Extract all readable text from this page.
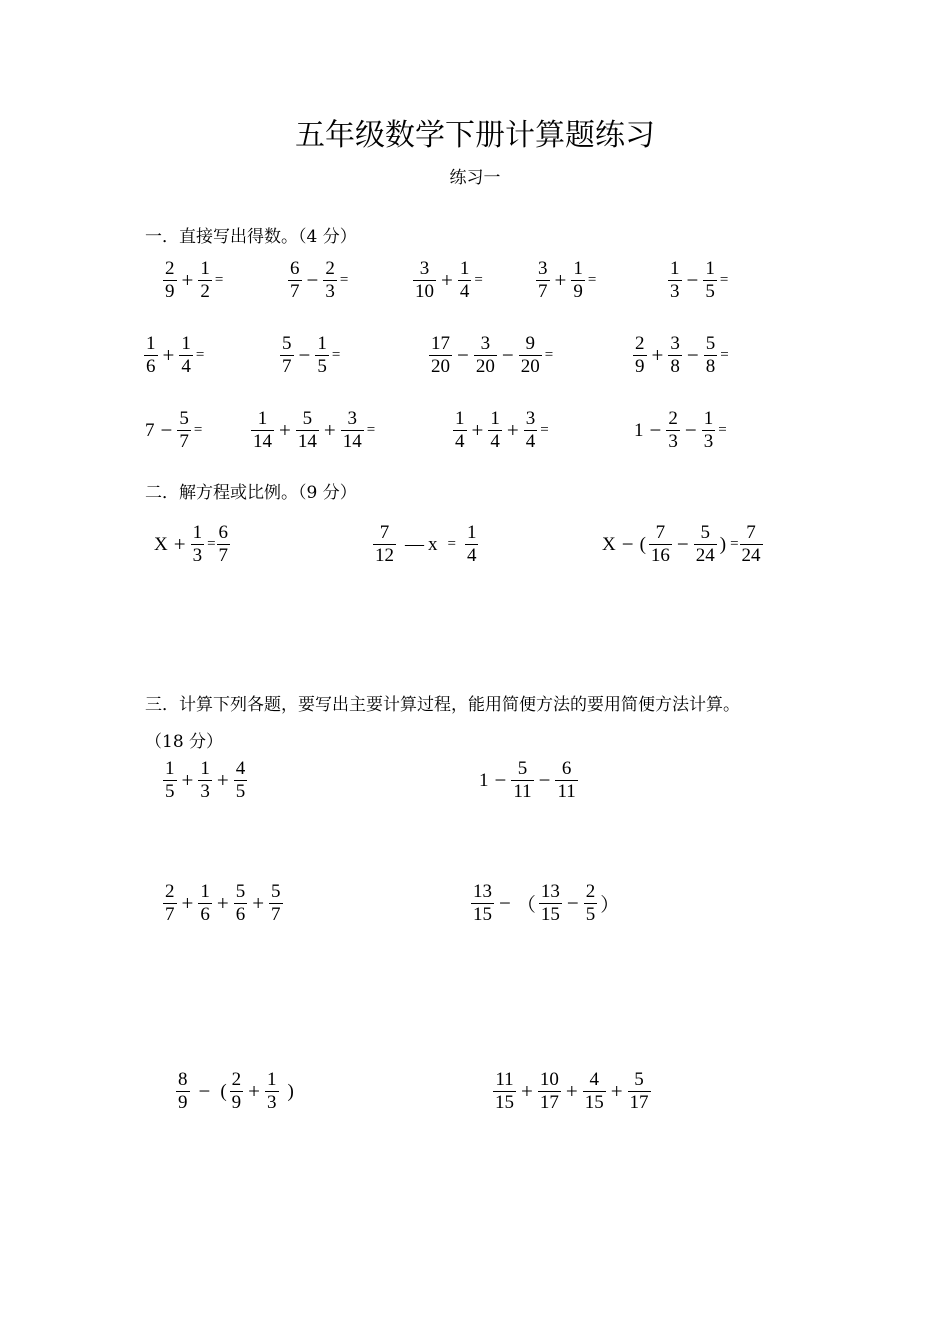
五年级数学下册计算题练习
练习一
一．直接写出得数。（4 分）
$\frac{2}{9} + \frac{1}{2}$ =	$\frac{6}{7} - \frac{2}{3}$ =	$\frac{3}{10} + \frac{1}{4}$ =	$\frac{3}{7} + \frac{1}{9}$ =	$\frac{1}{3} - \frac{1}{5}$ =
$\frac{1}{6} + \frac{1}{4}$ =	$\frac{5}{7} - \frac{1}{5}$ =	$\frac{17}{20} - \frac{3}{20} - \frac{9}{20}$ =	$\frac{2}{9} + \frac{3}{8} - \frac{5}{8}$ =
$7 - \frac{5}{7}$ =	$\frac{1}{14} + \frac{5}{14} + \frac{3}{14}$ =	$\frac{1}{4} + \frac{1}{4} + \frac{3}{4}$ =	$1 - \frac{2}{3} - \frac{1}{3}$ =
二．解方程或比例。（9 分）
$X + \frac{1}{3} = \frac{6}{7}$	$\frac{7}{12}$ — $x = \frac{1}{4}$	X − ( $\frac{7}{16} - \frac{5}{24}$ ) = $\frac{7}{24}$
三．计算下列各题，要写出主要计算过程，能用简便方法的要用简便方法计算。
（18 分）
$\frac{1}{5} + \frac{1}{3} + \frac{4}{5}$	$1 - \frac{5}{11} - \frac{6}{11}$
$\frac{2}{7} + \frac{1}{6} + \frac{5}{6} + \frac{5}{7}$	$\frac{13}{15}$ − （ $\frac{13}{15} - \frac{2}{5}$ ）
$\frac{8}{9}$ − ( $\frac{2}{9} + \frac{1}{3}$ )	$\frac{11}{15} + \frac{10}{17} + \frac{4}{15} + \frac{5}{17}$
